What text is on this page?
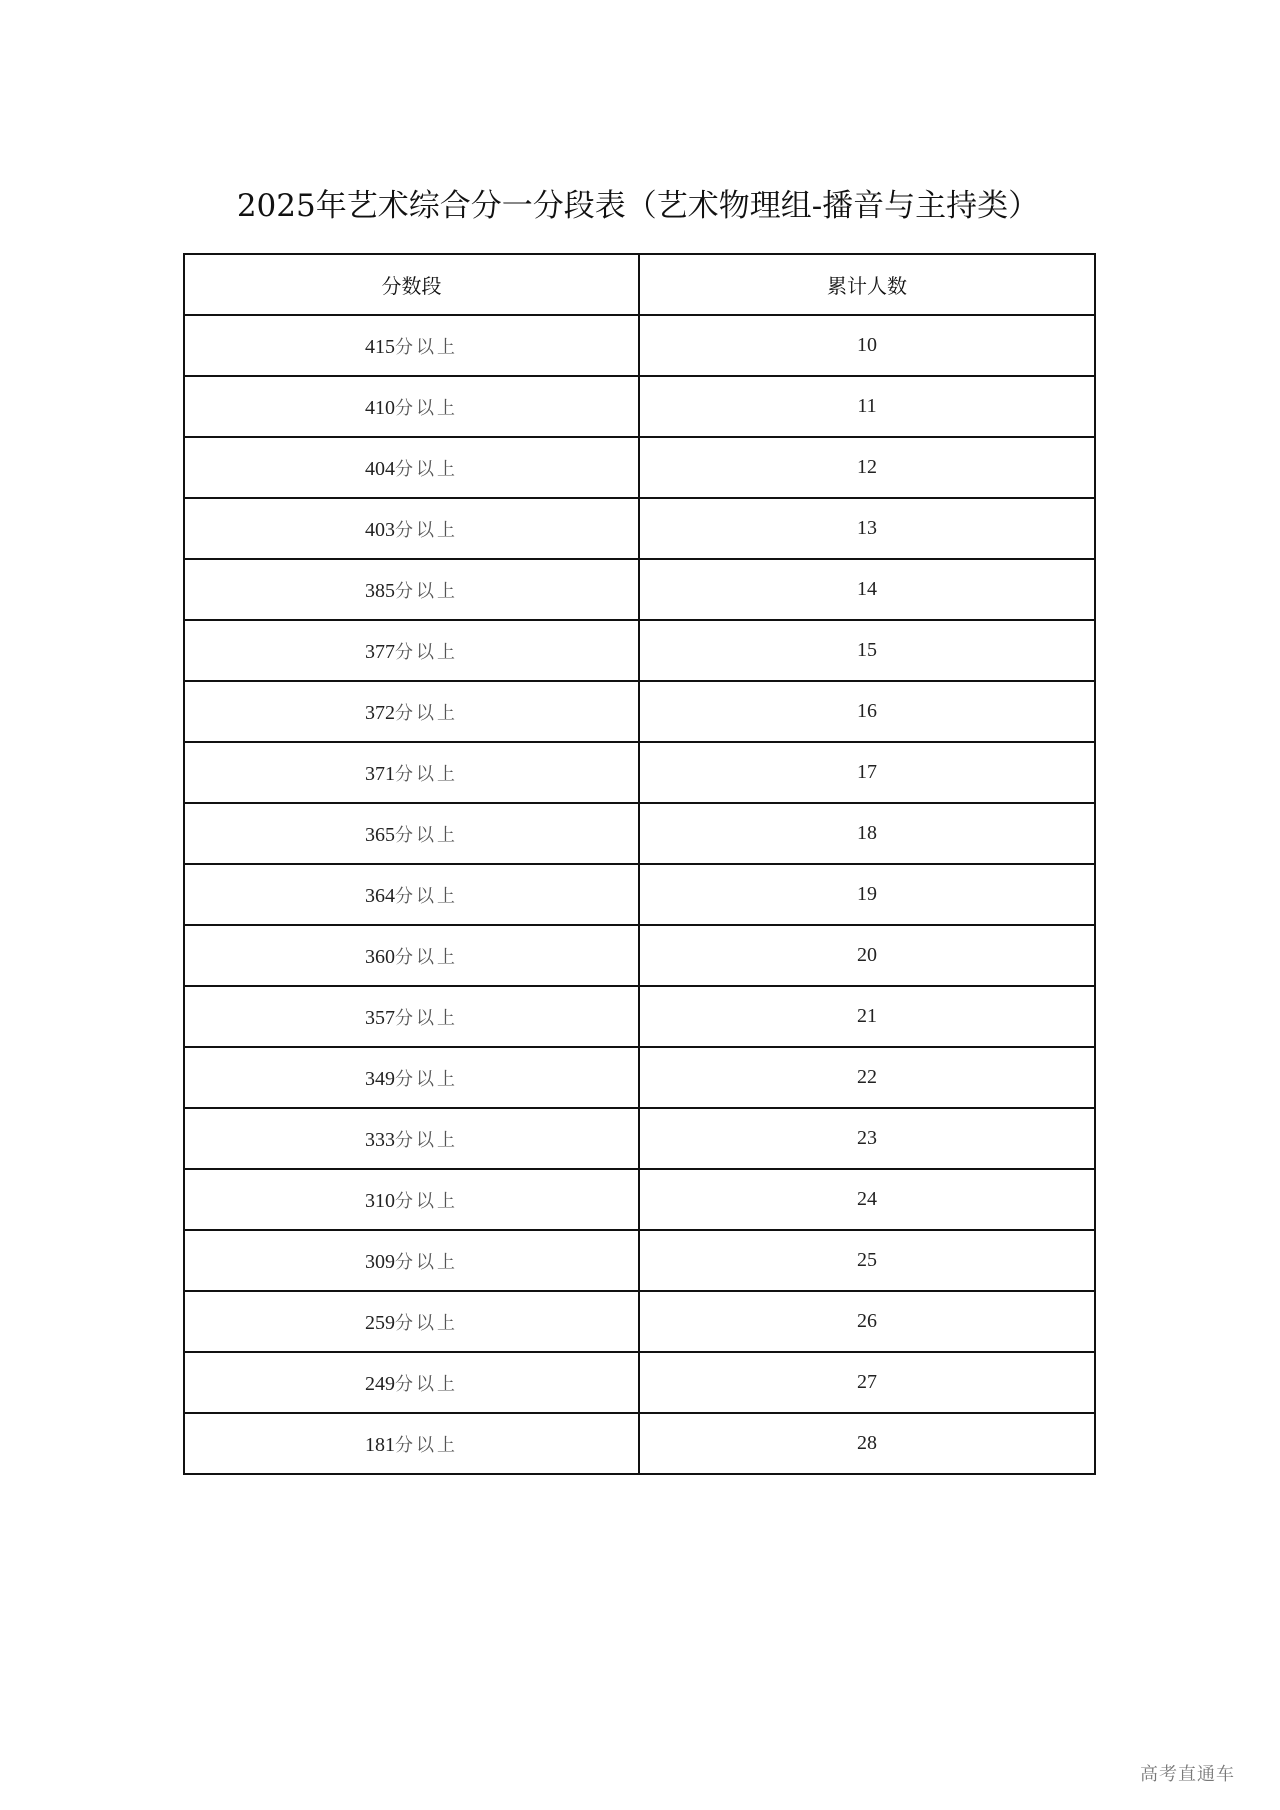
2025年艺术综合分一分段表（艺术物理组-播音与主持类）
分数段	累计人数
415分以上	10
410分以上	11
404分以上	12
403分以上	13
385分以上	14
377分以上	15
372分以上	16
371分以上	17
365分以上	18
364分以上	19
360分以上	20
357分以上	21
349分以上	22
333分以上	23
310分以上	24
309分以上	25
259分以上	26
249分以上	27
181分以上	28
高考直通车
